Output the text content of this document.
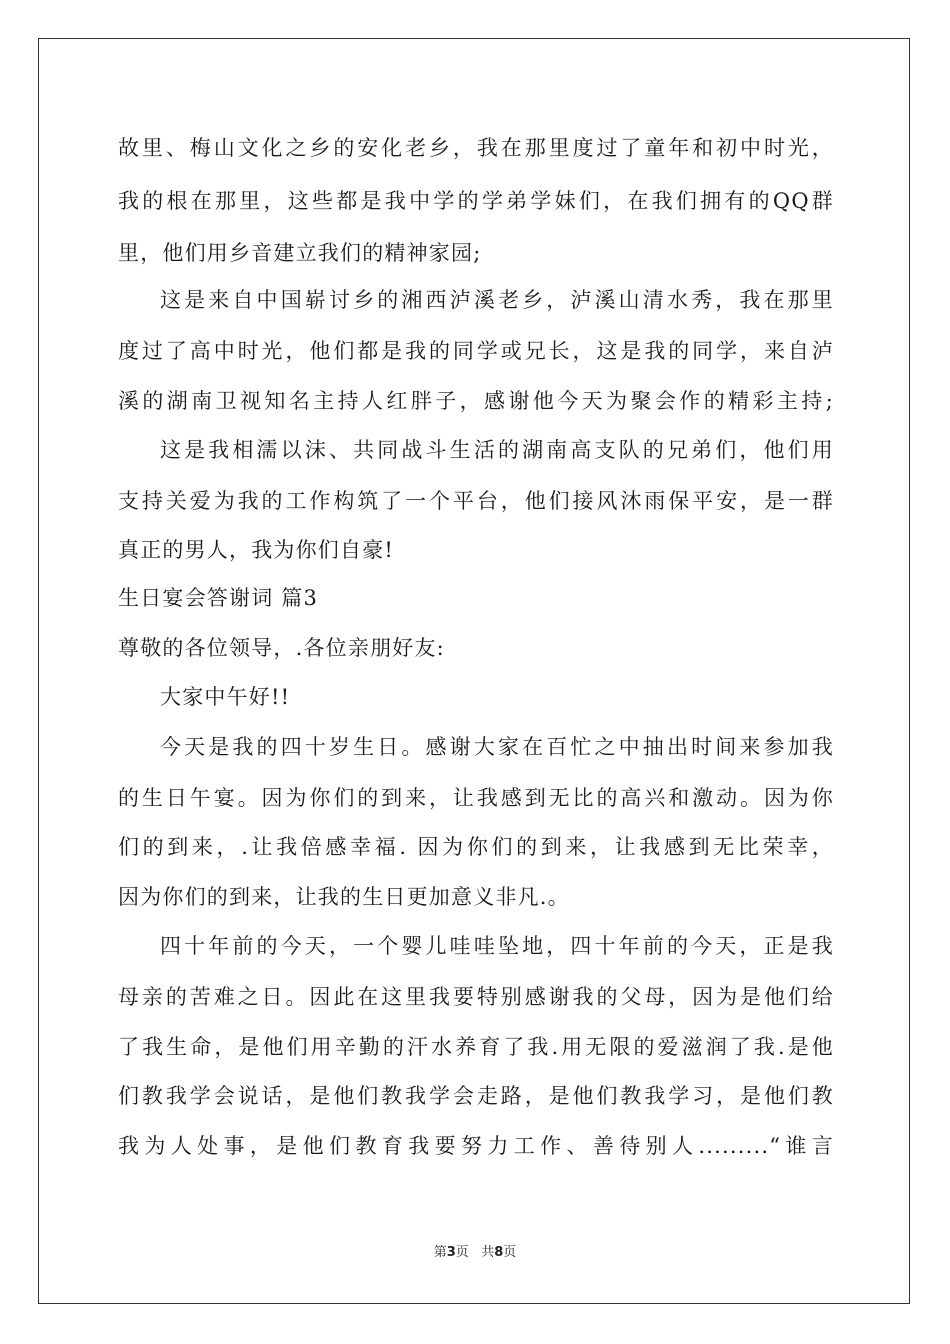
故里、梅山文化之乡的安化老乡，我在那里度过了童年和初中时光，
我的根在那里，这些都是我中学的学弟学妹们，在我们拥有的QQ群
里，他们用乡音建立我们的精神家园;
这是来自中国崭讨乡的湘西泸溪老乡，泸溪山清水秀，我在那里
度过了高中时光，他们都是我的同学或兄长，这是我的同学，来自泸
溪的湖南卫视知名主持人红胖子，感谢他今天为聚会作的精彩主持;
这是我相濡以沫、共同战斗生活的湖南高支队的兄弟们，他们用
支持关爱为我的工作构筑了一个平台，他们接风沐雨保平安，是一群
真正的男人，我为你们自豪!
生日宴会答谢词 篇3
尊敬的各位领导，.各位亲朋好友:
大家中午好!!
今天是我的四十岁生日。感谢大家在百忙之中抽出时间来参加我
的生日午宴。因为你们的到来，让我感到无比的高兴和激动。因为你
们的到来，.让我倍感幸福. 因为你们的到来，让我感到无比荣幸，
因为你们的到来，让我的生日更加意义非凡.。
四十年前的今天，一个婴儿哇哇坠地，四十年前的今天，正是我
母亲的苦难之日。因此在这里我要特别感谢我的父母，因为是他们给
了我生命，是他们用辛勤的汗水养育了我.用无限的爱滋润了我.是他
们教我学会说话，是他们教我学会走路，是他们教我学习，是他们教
我为人处事，是他们教育我要努力工作、善待别人.........“谁言
第3页   共8页
